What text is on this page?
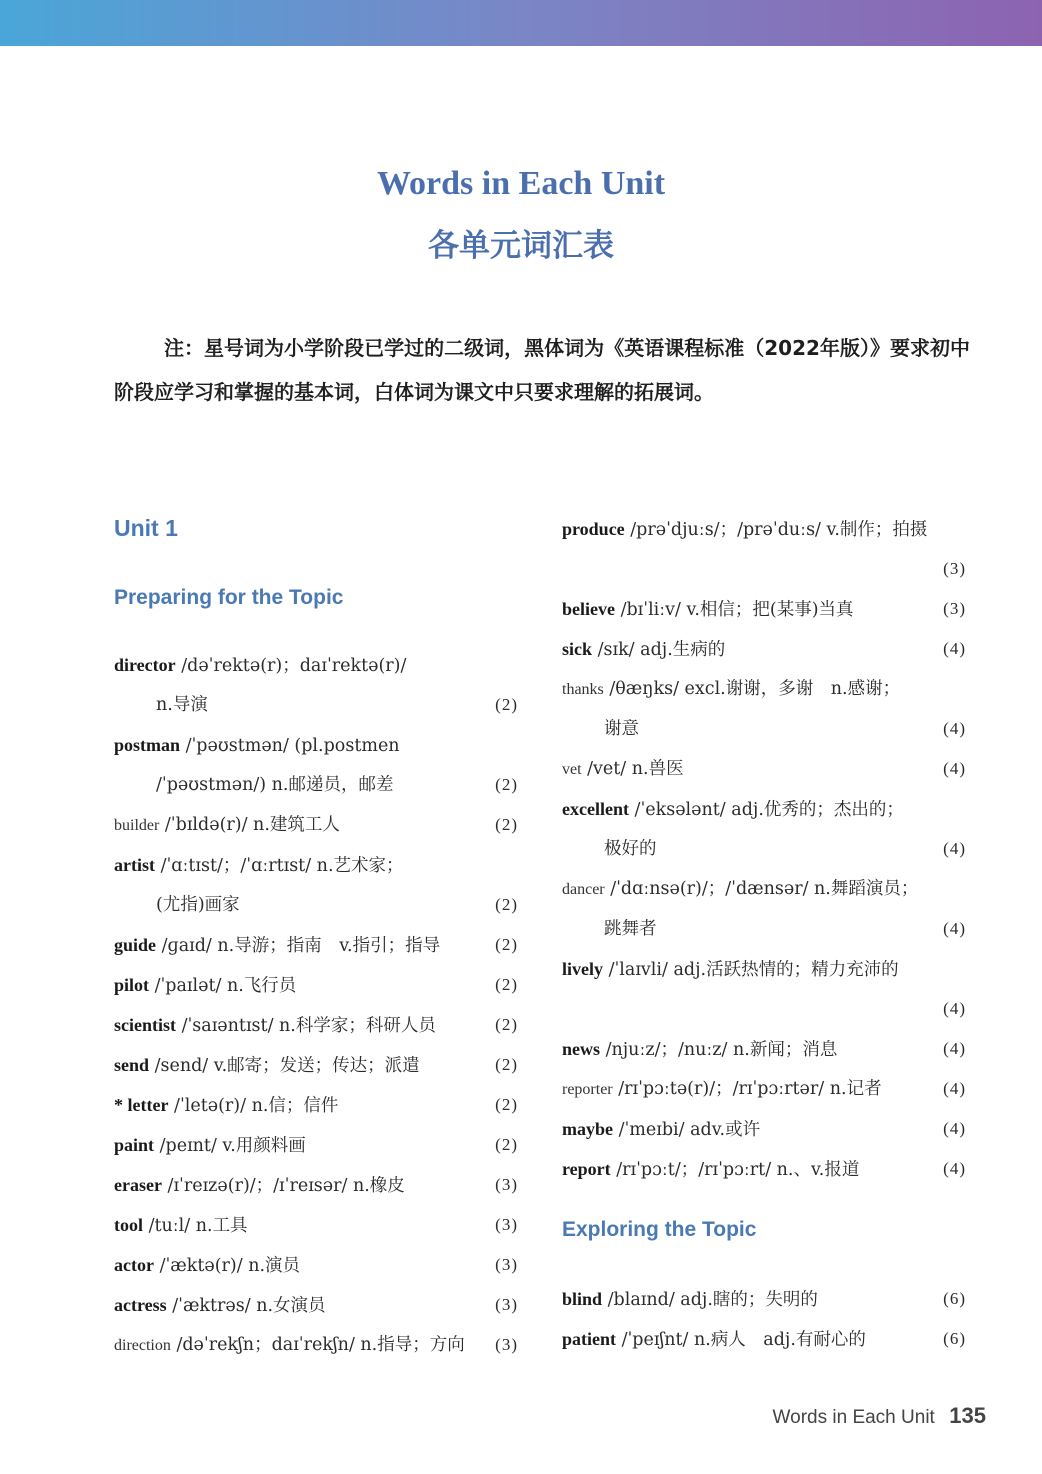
Words in Each Unit
各单元词汇表
注：星号词为小学阶段已学过的二级词，黑体词为《英语课程标准（2022年版）》要求初中阶段应学习和掌握的基本词，白体词为课文中只要求理解的拓展词。
Unit 1
Preparing for the Topic
director /dəˈrektə(r)；daɪˈrektə(r)/
n.导演	(2)
postman /ˈpəʊstmən/ (pl.postmen
/ˈpəʊstmən/) n.邮递员，邮差	(2)
builder /ˈbɪldə(r)/ n.建筑工人	(2)
artist /ˈɑːtɪst/；/ˈɑːrtɪst/ n.艺术家；
(尤指)画家	(2)
guide /ɡaɪd/ n.导游；指南　v.指引；指导	(2)
pilot /ˈpaɪlət/ n.飞行员	(2)
scientist /ˈsaɪəntɪst/ n.科学家；科研人员	(2)
send /send/ v.邮寄；发送；传达；派遣	(2)
* letter /ˈletə(r)/ n.信；信件	(2)
paint /peɪnt/ v.用颜料画	(2)
eraser /ɪˈreɪzə(r)/；/ɪˈreɪsər/ n.橡皮	(3)
tool /tuːl/ n.工具	(3)
actor /ˈæktə(r)/ n.演员	(3)
actress /ˈæktrəs/ n.女演员	(3)
direction /dəˈrekʃn；daɪˈrekʃn/ n.指导；方向 (3)
produce /prəˈdjuːs/；/prəˈduːs/ v.制作；拍摄
(3)
believe /bɪˈliːv/ v.相信；把(某事)当真	(3)
sick /sɪk/ adj.生病的	(4)
thanks /θæŋks/ excl.谢谢，多谢　n.感谢；
谢意	(4)
vet /vet/ n.兽医	(4)
excellent /ˈeksələnt/ adj.优秀的；杰出的；
极好的	(4)
dancer /ˈdɑːnsə(r)/；/ˈdænsər/ n.舞蹈演员；
跳舞者	(4)
lively /ˈlaɪvli/ adj.活跃热情的；精力充沛的
(4)
news /njuːz/；/nuːz/ n.新闻；消息	(4)
reporter /rɪˈpɔːtə(r)/；/rɪˈpɔːrtər/ n.记者	(4)
maybe /ˈmeɪbi/ adv.或许	(4)
report /rɪˈpɔːt/；/rɪˈpɔːrt/ n.、v.报道	(4)
Exploring the Topic
blind /blaɪnd/ adj.瞎的；失明的	(6)
patient /ˈpeɪʃnt/ n.病人　adj.有耐心的	(6)
Words in Each Unit 135
